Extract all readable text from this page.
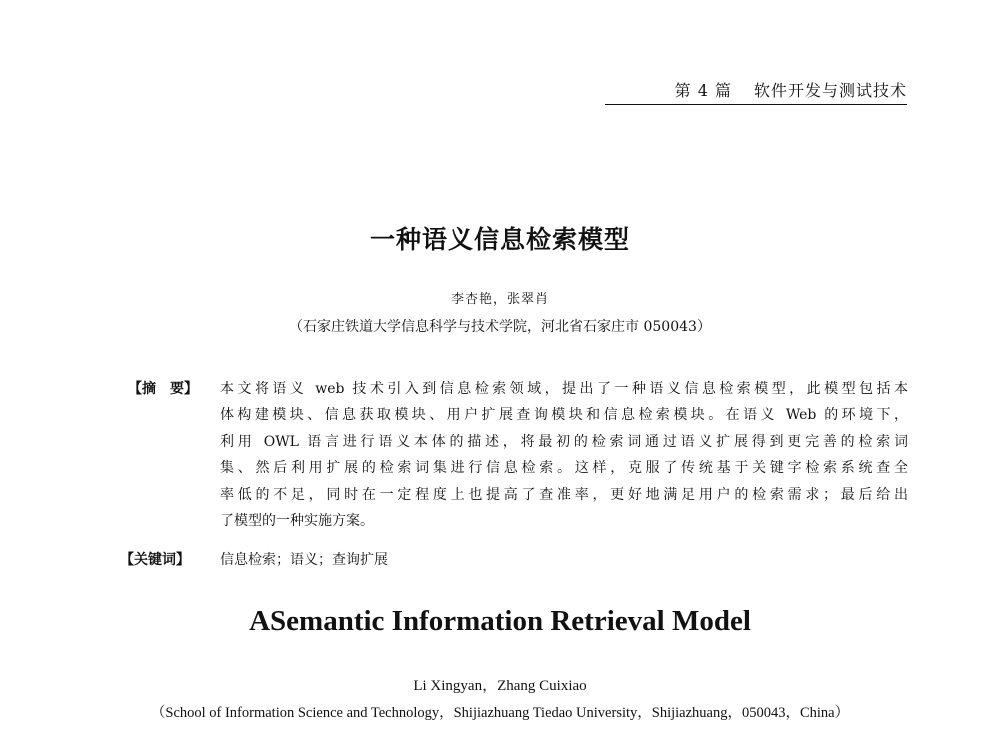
第 4 篇 软件开发与测试技术
一种语义信息检索模型
李杏艳，张翠肖
（石家庄铁道大学信息科学与技术学院，河北省石家庄市 050043）
【摘　要】 本文将语义 web 技术引入到信息检索领域，提出了一种语义信息检索模型，此模型包括本
体构建模块、信息获取模块、用户扩展查询模块和信息检索模块。在语义 Web 的环境下，
利用 OWL 语言进行语义本体的描述，将最初的检索词通过语义扩展得到更完善的检索词
集、然后利用扩展的检索词集进行信息检索。这样，克服了传统基于关键字检索系统查全
率低的不足，同时在一定程度上也提高了查准率，更好地满足用户的检索需求；最后给出
了模型的一种实施方案。
【关键词】 信息检索；语义；查询扩展
ASemantic Information Retrieval Model
Li Xingyan，Zhang Cuixiao
（School of Information Science and Technology，Shijiazhuang Tiedao University，Shijiazhuang，050043，China）
